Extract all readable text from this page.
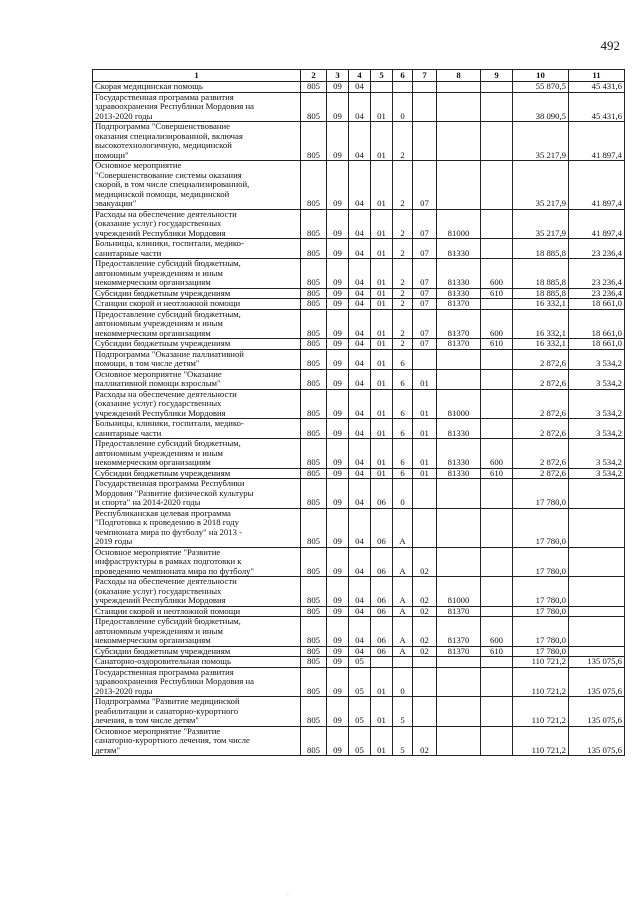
492
1	2	3	4	5	6	7	8	9	10	11
Скорая медицинская помощь	805	09	04						55 870,5	45 431,6
Государственная программа развития
здравоохранения Республики Мордовия на
2013-2020 годы	805	09	04	01	0				38 090,5	45 431,6
Подпрограмма "Совершенствование
оказания специализированной, включая
высокотехнологичную, медицинской
помощи"	805	09	04	01	2				35 217,9	41 897,4
Основное мероприятие
"Совершенствование системы оказания
скорой, в том числе специализированной,
медицинской помощи, медицинской
эвакуации"	805	09	04	01	2	07			35 217,9	41 897,4
Расходы на обеспечение деятельности
(оказание услуг) государственных
учреждений Республики Мордовия	805	09	04	01	2	07	81000		35 217,9	41 897,4
Больницы, клиники, госпитали, медико-
санитарные части	805	09	04	01	2	07	81330		18 885,8	23 236,4
Предоставление субсидий бюджетным,
автономным учреждениям и иным
некоммерческим организациям	805	09	04	01	2	07	81330	600	18 885,8	23 236,4
Субсидии бюджетным учреждениям	805	09	04	01	2	07	81330	610	18 885,8	23 236,4
Станции скорой и неотложной помощи	805	09	04	01	2	07	81370		16 332,1	18 661,0
Предоставление субсидий бюджетным,
автономным учреждениям и иным
некоммерческим организациям	805	09	04	01	2	07	81370	600	16 332,1	18 661,0
Субсидии бюджетным учреждениям	805	09	04	01	2	07	81370	610	16 332,1	18 661,0
Подпрограмма "Оказание паллиативной
помощи, в том числе детям"	805	09	04	01	6				2 872,6	3 534,2
Основное мероприятие "Оказание
паллиативной помощи взрослым"	805	09	04	01	6	01			2 872,6	3 534,2
Расходы на обеспечение деятельности
(оказание услуг) государственных
учреждений Республики Мордовия	805	09	04	01	6	01	81000		2 872,6	3 534,2
Больницы, клиники, госпитали, медико-
санитарные части	805	09	04	01	6	01	81330		2 872,6	3 534,2
Предоставление субсидий бюджетным,
автономным учреждениям и иным
некоммерческим организациям	805	09	04	01	6	01	81330	600	2 872,6	3 534,2
Субсидии бюджетным учреждениям	805	09	04	01	6	01	81330	610	2 872,6	3 534,2
Государственная программа Республики
Мордовия "Развитие физической культуры
и спорта" на 2014-2020 годы	805	09	04	06	0				17 780,0	
Республиканская целевая программа
"Подготовка к проведению в 2018 году
чемпионата мира по футболу" на 2013 -
2019 годы	805	09	04	06	А				17 780,0	
Основное мероприятие "Развитие
инфраструктуры в рамках подготовки к
проведению чемпионата мира по футболу"	805	09	04	06	А	02			17 780,0	
Расходы на обеспечение деятельности
(оказание услуг) государственных
учреждений Республики Мордовия	805	09	04	06	А	02	81000		17 780,0	
Станции скорой и неотложной помощи	805	09	04	06	А	02	81370		17 780,0	
Предоставление субсидий бюджетным,
автономным учреждениям и иным
некоммерческим организациям	805	09	04	06	А	02	81370	600	17 780,0	
Субсидии бюджетным учреждениям	805	09	04	06	А	02	81370	610	17 780,0	
Санаторно-оздоровительная помощь	805	09	05						110 721,2	135 075,6
Государственная программа развития
здравоохранения Республики Мордовия на
2013-2020 годы	805	09	05	01	0				110 721,2	135 075,6
Подпрограмма "Развитие медицинской
реабилитации и санаторно-курортного
лечения, в том числе детям"	805	09	05	01	5				110 721,2	135 075,6
Основное мероприятие "Развитие
санаторно-курортного лечения, том числе
детям"	805	09	05	01	5	02			110 721,2	135 075,6
·
